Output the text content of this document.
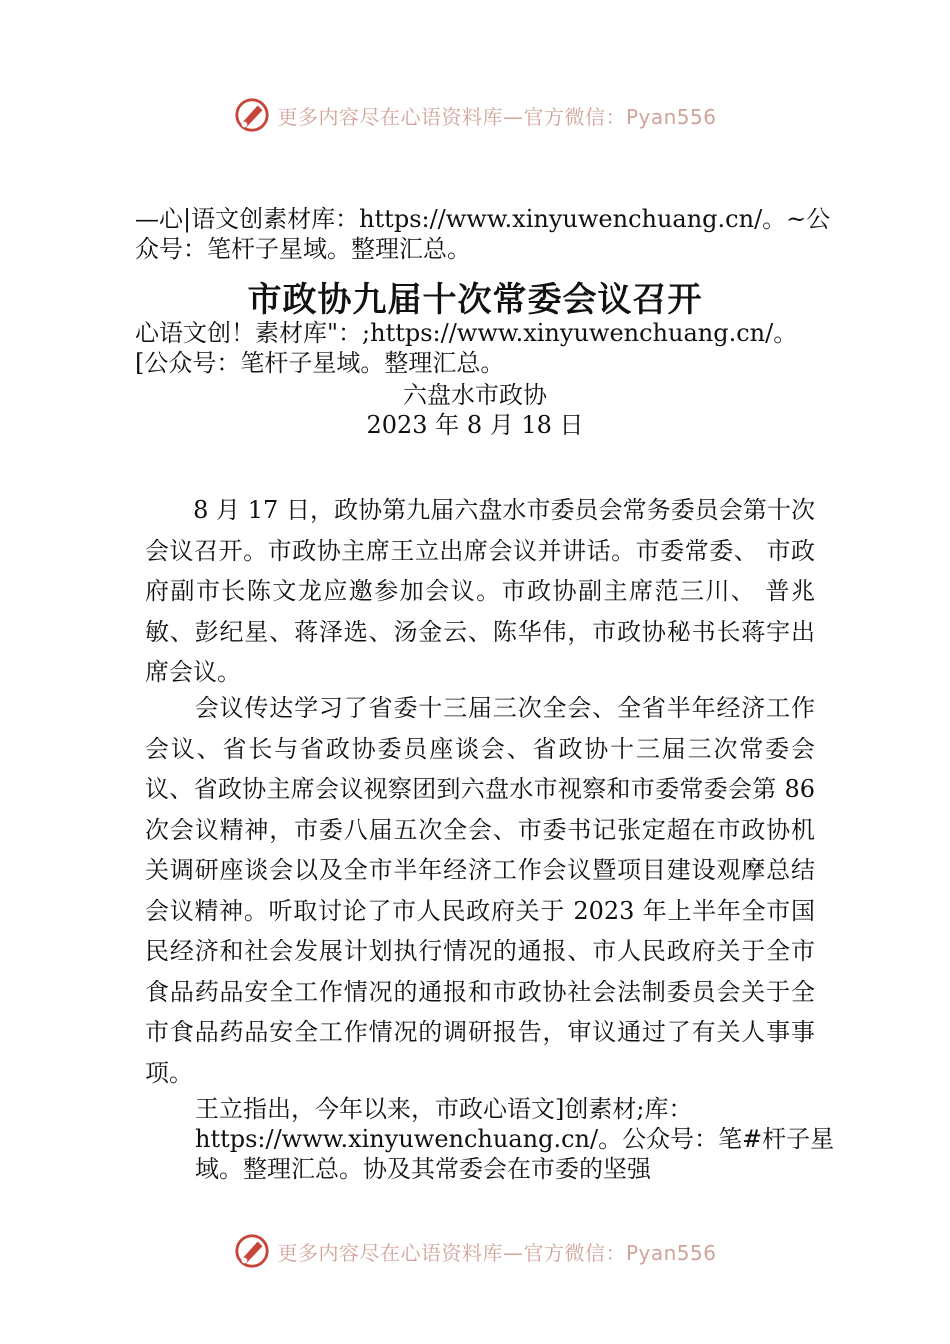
更多内容尽在心语资料库—官方微信：Pyan556
—心|语文创素材库：https://www.xinyuwenchuang.cn/。~公
众号：笔杆子星域。整理汇总。
市政协九届十次常委会议召开
心语文创！素材库"：;https://www.xinyuwenchuang.cn/。
[公众号：笔杆子星域。整理汇总。
六盘水市政协
2023 年 8 月 18 日
　　8 月 17 日，政协第九届六盘水市委员会常务委员会第十次会议召开。市政协主席王立出席会议并讲话。市委常委、 市政府副市长陈文龙应邀参加会议。市政协副主席范三川、 普兆敏、彭纪星、蒋泽选、汤金云、陈华伟，市政协秘书长蒋宇出席会议。
　　会议传达学习了省委十三届三次全会、全省半年经济工作会议、省长与省政协委员座谈会、省政协十三届三次常委会议、省政协主席会议视察团到六盘水市视察和市委常委会第 86 次会议精神，市委八届五次全会、市委书记张定超在市政协机关调研座谈会以及全市半年经济工作会议暨项目建设观摩总结会议精神。听取讨论了市人民政府关于 2023 年上半年全市国民经济和社会发展计划执行情况的通报、市人民政府关于全市食品药品安全工作情况的通报和市政协社会法制委员会关于全市食品药品安全工作情况的调研报告，审议通过了有关人事事项。
王立指出，今年以来，市政心语文]创素材;库：
https://www.xinyuwenchuang.cn/。公众号：笔#杆子星
域。整理汇总。协及其常委会在市委的坚强
更多内容尽在心语资料库—官方微信：Pyan556
